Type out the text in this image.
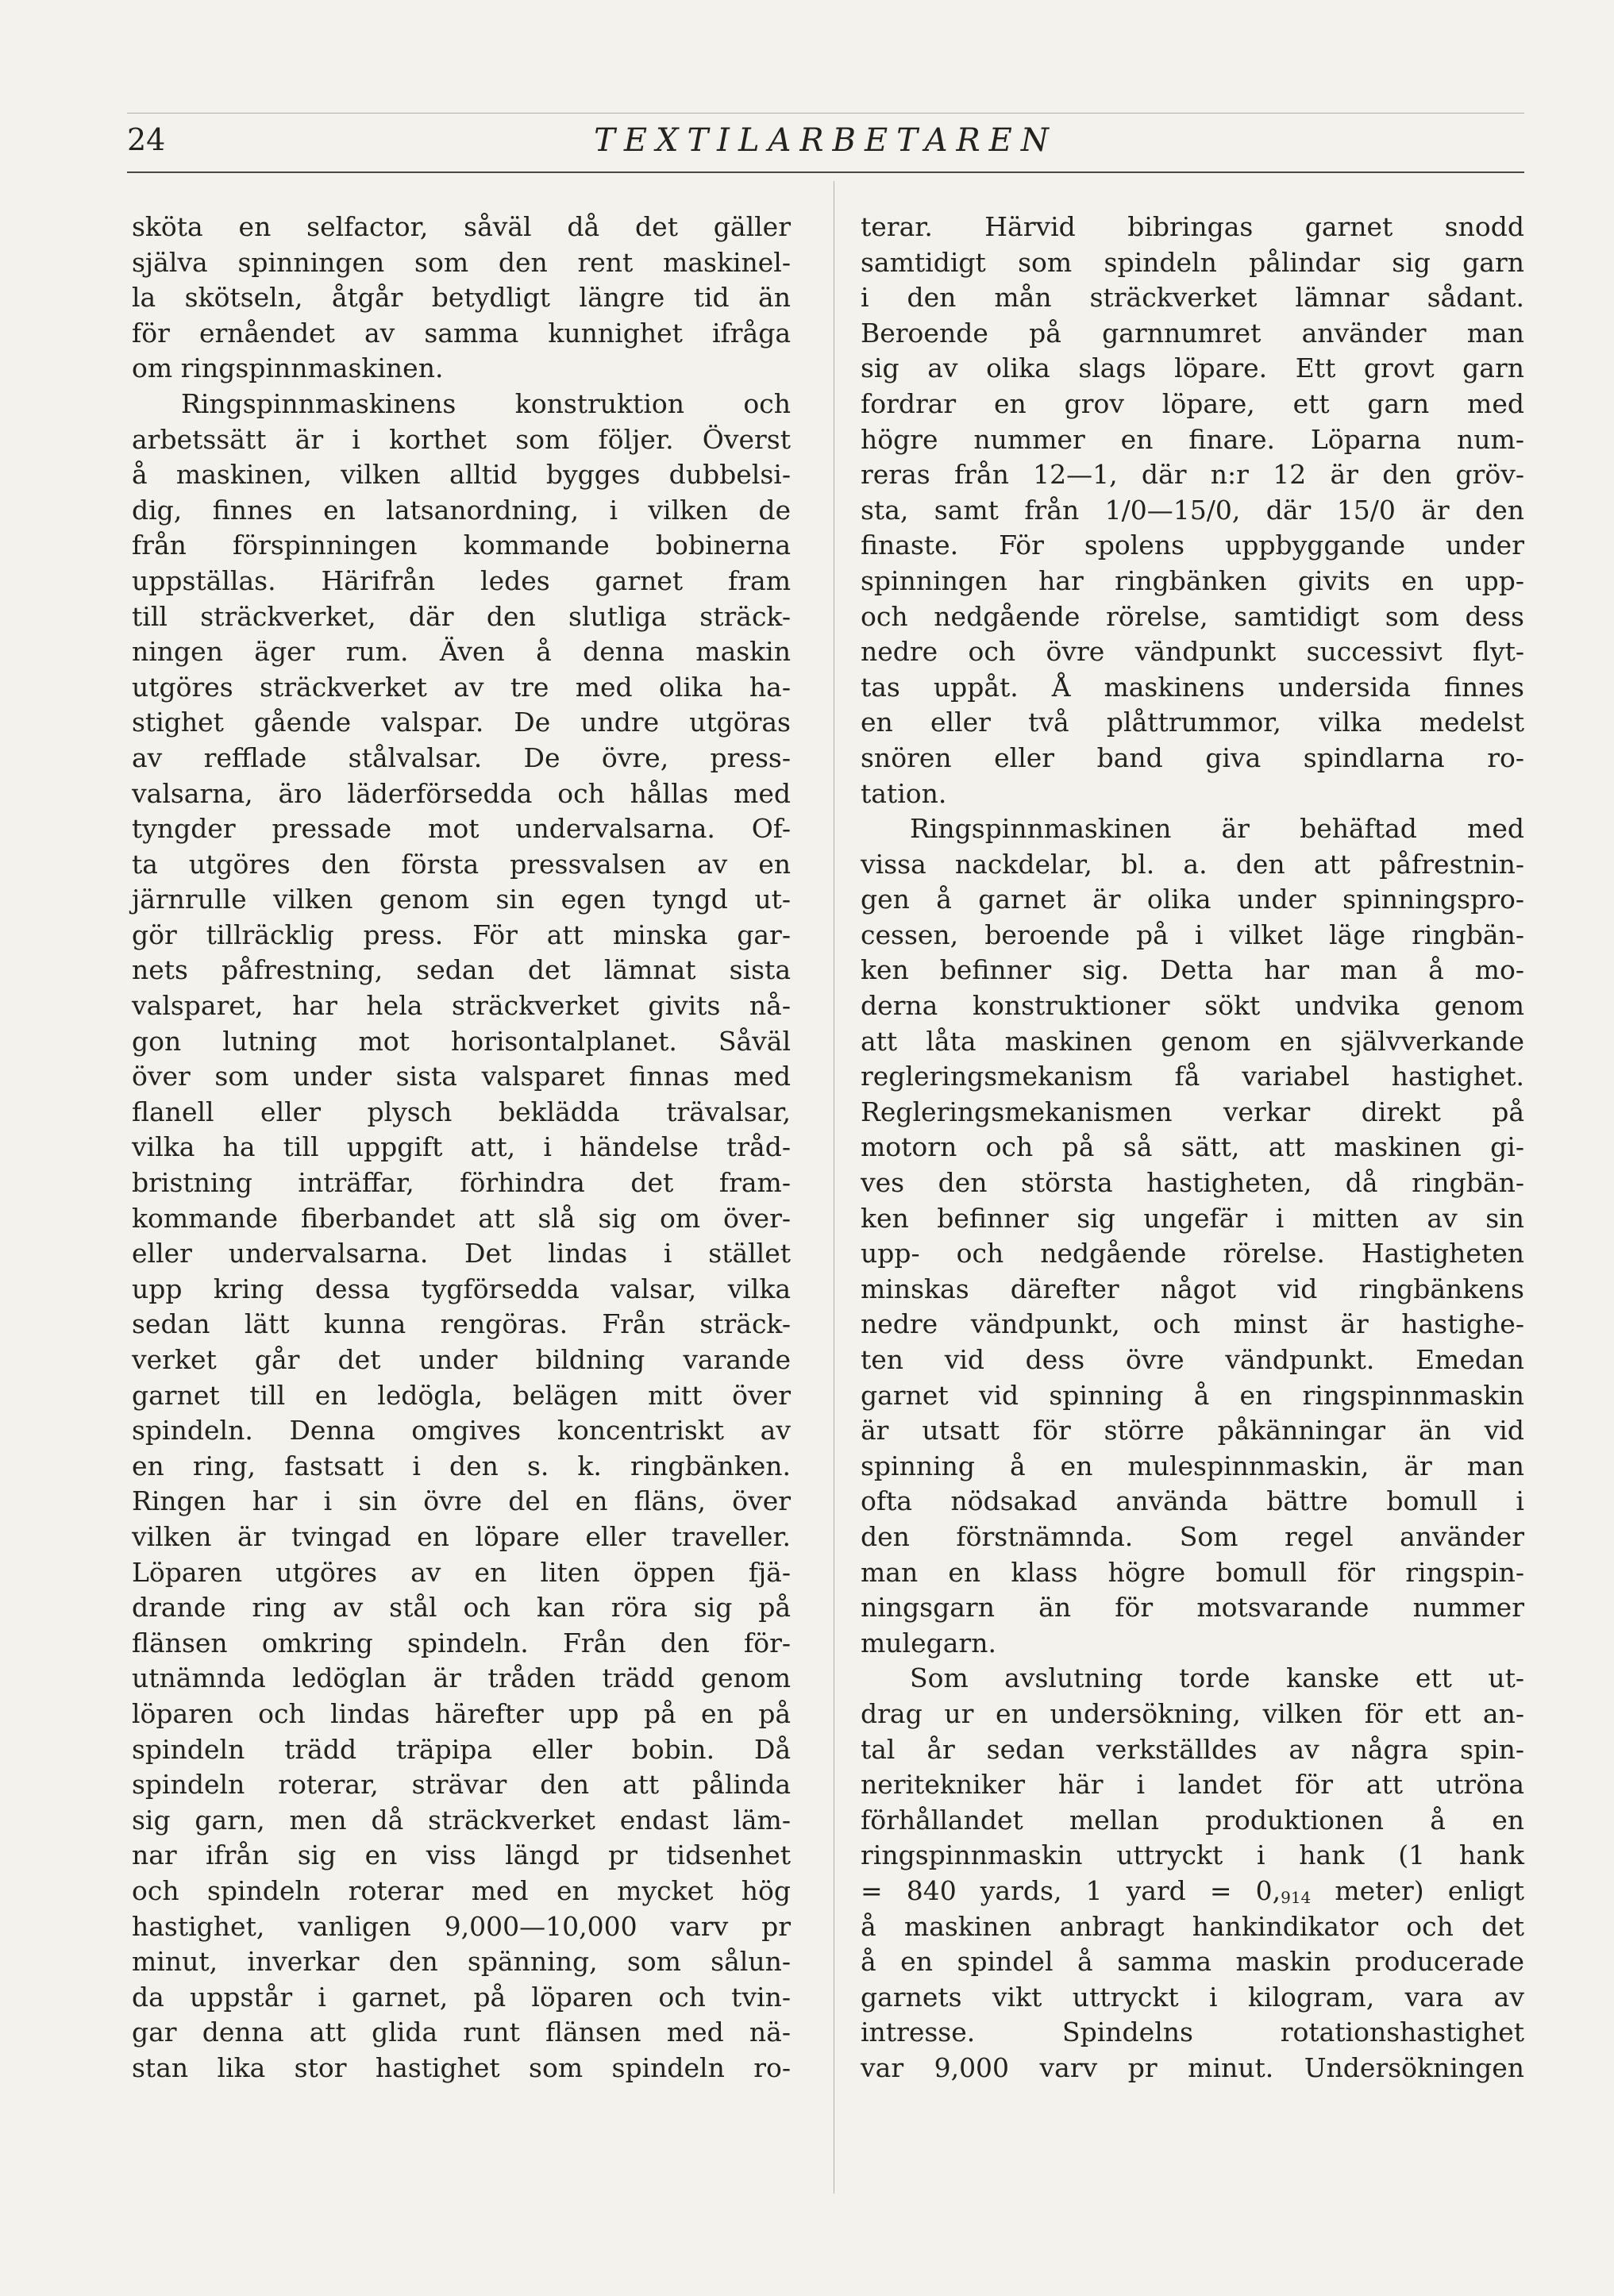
24	TEXTILARBETAREN
sköta en selfactor, såväl då det gäller
själva spinningen som den rent maskinel-
la skötseln, åtgår betydligt längre tid än
för ernåendet av samma kunnighet ifråga
om ringspinnmaskinen.
Ringspinnmaskinens konstruktion och
arbetssätt är i korthet som följer. Överst
å maskinen, vilken alltid bygges dubbelsi-
dig, finnes en latsanordning, i vilken de
från förspinningen kommande bobinerna
uppställas. Härifrån ledes garnet fram
till sträckverket, där den slutliga sträck-
ningen äger rum. Även å denna maskin
utgöres sträckverket av tre med olika ha-
stighet gående valspar. De undre utgöras
av refflade stålvalsar. De övre, press-
valsarna, äro läderförsedda och hållas med
tyngder pressade mot undervalsarna. Of-
ta utgöres den första pressvalsen av en
järnrulle vilken genom sin egen tyngd ut-
gör tillräcklig press. För att minska gar-
nets påfrestning, sedan det lämnat sista
valsparet, har hela sträckverket givits nå-
gon lutning mot horisontalplanet. Såväl
över som under sista valsparet finnas med
flanell eller plysch beklädda trävalsar,
vilka ha till uppgift att, i händelse tråd-
bristning inträffar, förhindra det fram-
kommande fiberbandet att slå sig om över-
eller undervalsarna. Det lindas i stället
upp kring dessa tygförsedda valsar, vilka
sedan lätt kunna rengöras. Från sträck-
verket går det under bildning varande
garnet till en ledögla, belägen mitt över
spindeln. Denna omgives koncentriskt av
en ring, fastsatt i den s. k. ringbänken.
Ringen har i sin övre del en fläns, över
vilken är tvingad en löpare eller traveller.
Löparen utgöres av en liten öppen fjä-
drande ring av stål och kan röra sig på
flänsen omkring spindeln. Från den för-
utnämnda ledöglan är tråden trädd genom
löparen och lindas härefter upp på en på
spindeln trädd träpipa eller bobin. Då
spindeln roterar, strävar den att pålinda
sig garn, men då sträckverket endast läm-
nar ifrån sig en viss längd pr tidsenhet
och spindeln roterar med en mycket hög
hastighet, vanligen 9,000—10,000 varv pr
minut, inverkar den spänning, som sålun-
da uppstår i garnet, på löparen och tvin-
gar denna att glida runt flänsen med nä-
stan lika stor hastighet som spindeln ro-
terar. Härvid bibringas garnet snodd
samtidigt som spindeln pålindar sig garn
i den mån sträckverket lämnar sådant.
Beroende på garnnumret använder man
sig av olika slags löpare. Ett grovt garn
fordrar en grov löpare, ett garn med
högre nummer en finare. Löparna num-
reras från 12—1, där n:r 12 är den gröv-
sta, samt från 1/0—15/0, där 15/0 är den
finaste. För spolens uppbyggande under
spinningen har ringbänken givits en upp-
och nedgående rörelse, samtidigt som dess
nedre och övre vändpunkt successivt flyt-
tas uppåt. Å maskinens undersida finnes
en eller två plåttrummor, vilka medelst
snören eller band giva spindlarna ro-
tation.
Ringspinnmaskinen är behäftad med
vissa nackdelar, bl. a. den att påfrestnin-
gen å garnet är olika under spinningspro-
cessen, beroende på i vilket läge ringbän-
ken befinner sig. Detta har man å mo-
derna konstruktioner sökt undvika genom
att låta maskinen genom en självverkande
regleringsmekanism få variabel hastighet.
Regleringsmekanismen verkar direkt på
motorn och på så sätt, att maskinen gi-
ves den största hastigheten, då ringbän-
ken befinner sig ungefär i mitten av sin
upp- och nedgående rörelse. Hastigheten
minskas därefter något vid ringbänkens
nedre vändpunkt, och minst är hastighe-
ten vid dess övre vändpunkt. Emedan
garnet vid spinning å en ringspinnmaskin
är utsatt för större påkänningar än vid
spinning å en mulespinnmaskin, är man
ofta nödsakad använda bättre bomull i
den förstnämnda. Som regel använder
man en klass högre bomull för ringspin-
ningsgarn än för motsvarande nummer
mulegarn.
Som avslutning torde kanske ett ut-
drag ur en undersökning, vilken för ett an-
tal år sedan verkställdes av några spin-
neritekniker här i landet för att utröna
förhållandet mellan produktionen å en
ringspinnmaskin uttryckt i hank (1 hank
= 840 yards, 1 yard = $0,_{914}$ meter) enligt
å maskinen anbragt hankindikator och det
å en spindel å samma maskin producerade
garnets vikt uttryckt i kilogram, vara av
intresse. Spindelns rotationshastighet
var 9,000 varv pr minut. Undersökningen
